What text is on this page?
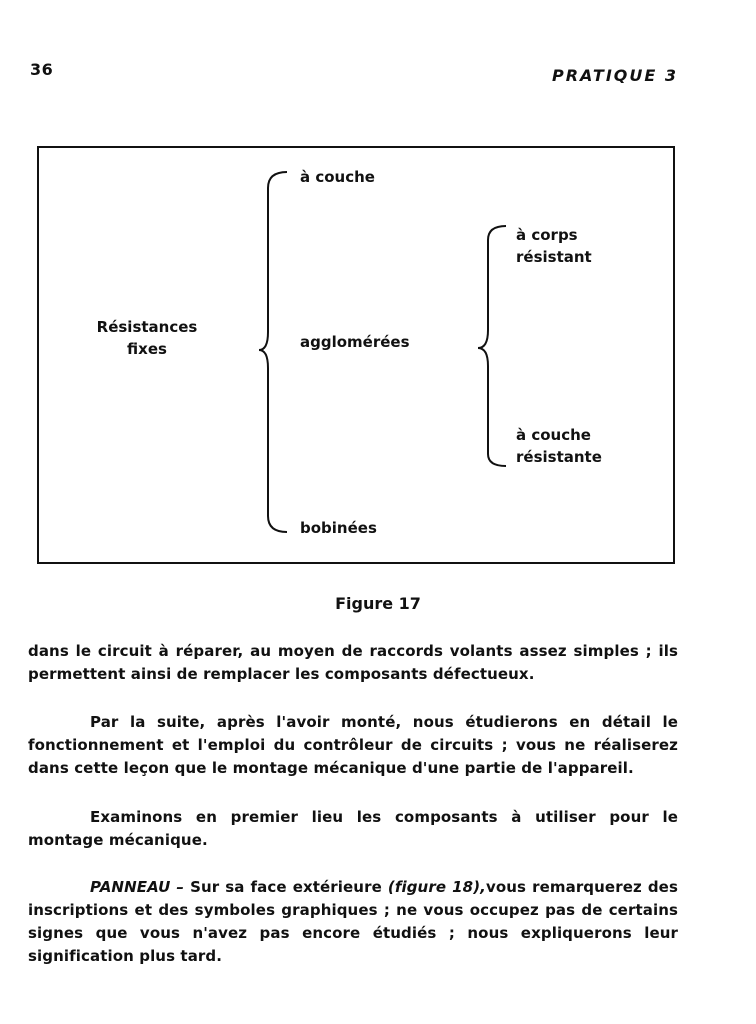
36	PRATIQUE 3
Résistances
fixes
à couche
agglomérées
bobinées
à corps
résistant
à couche
résistante
Figure 17

dans le circuit à réparer, au moyen de raccords volants assez simples ; ils permettent ainsi de remplacer les composants défectueux.

Par la suite, après l'avoir monté, nous étudierons en détail le fonctionnement et l'emploi du contrôleur de circuits ; vous ne réaliserez dans cette leçon que le montage mécanique d'une partie de l'appareil.

Examinons en premier lieu les composants à utiliser pour le montage mécanique.

PANNEAU – Sur sa face extérieure (figure 18),vous remarquerez des inscriptions et des symboles graphiques ; ne vous occupez pas de certains signes que vous n'avez pas encore étudiés ; nous expliquerons leur signification plus tard.
